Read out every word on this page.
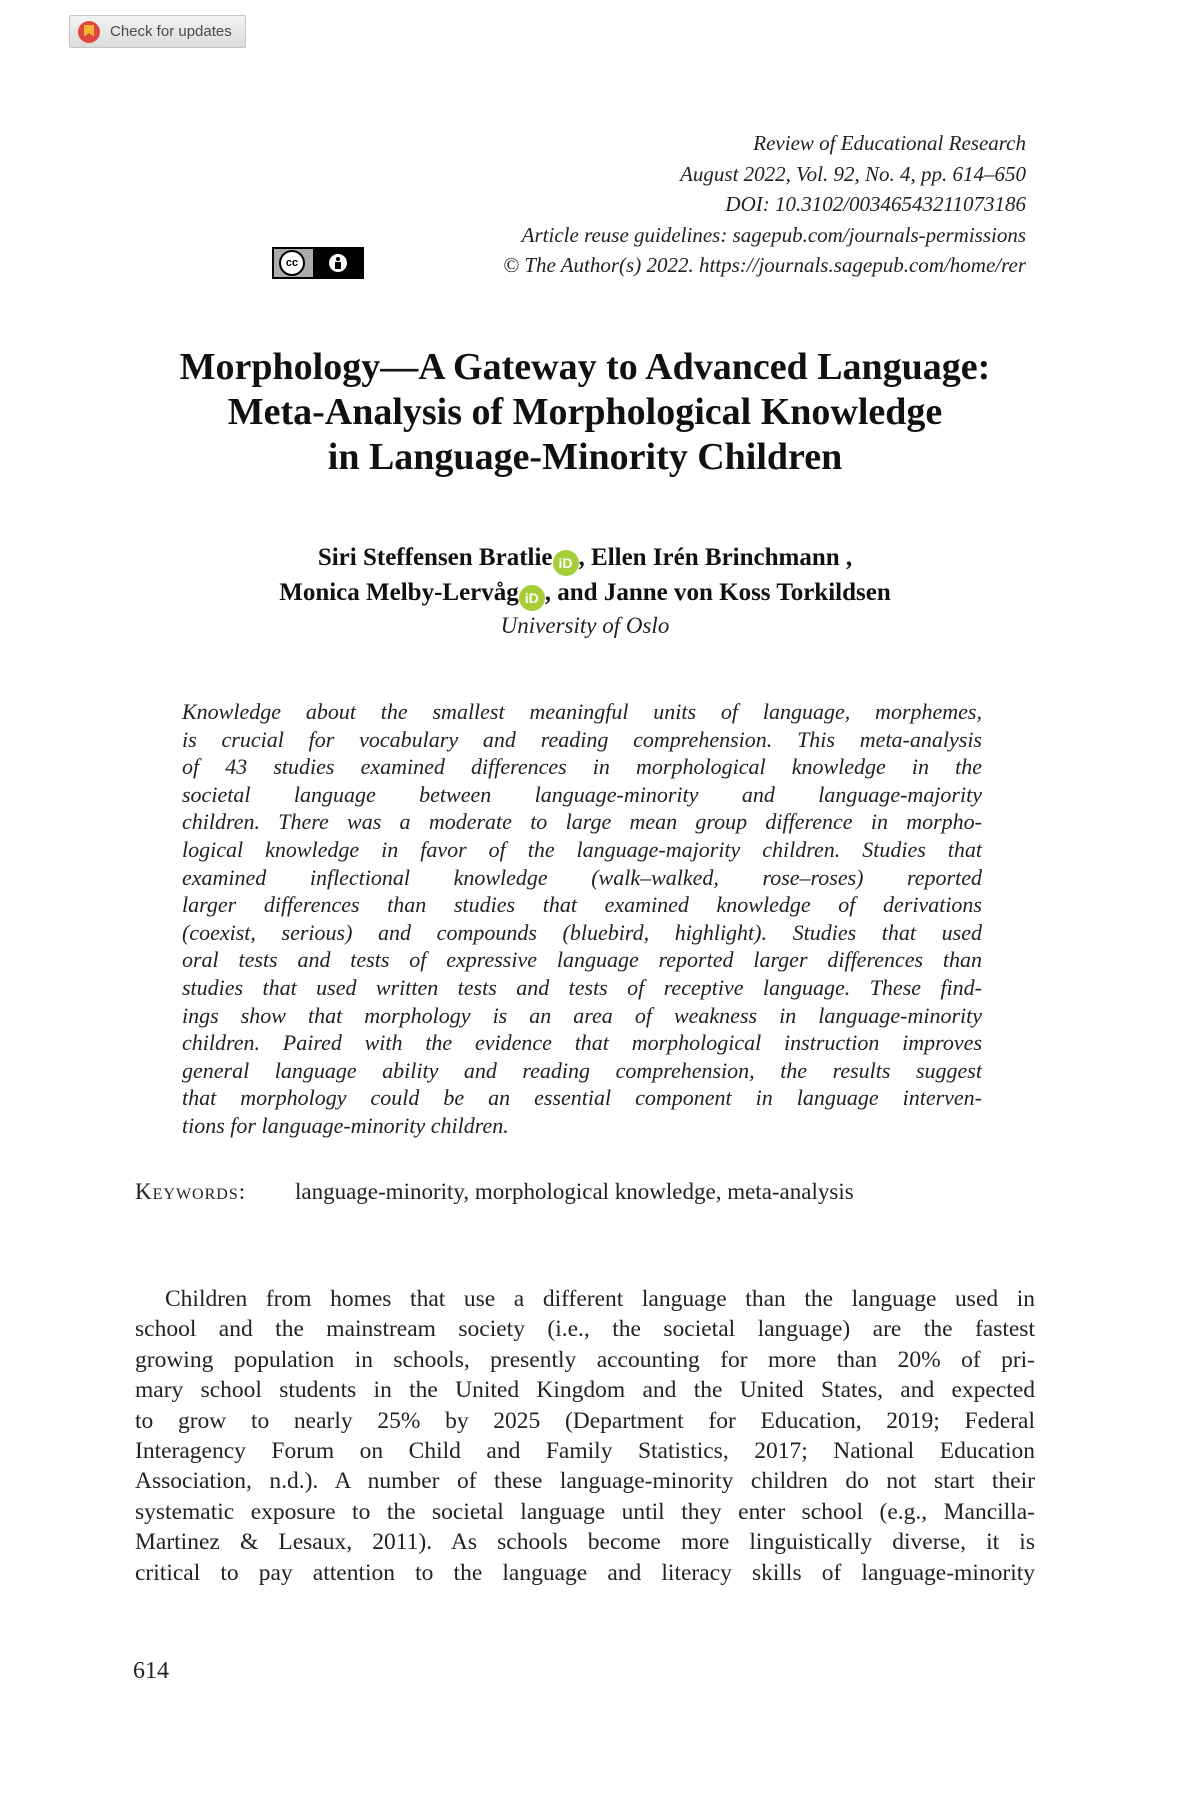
Check for updates
Review of Educational Research
August 2022, Vol. 92, No. 4, pp. 614–650
DOI: 10.3102/00346543211073186
Article reuse guidelines: sagepub.com/journals-permissions
© The Author(s) 2022. https://journals.sagepub.com/home/rer
cc
Morphology—A Gateway to Advanced Language:
Meta-Analysis of Morphological Knowledge
in Language-Minority Children
Siri Steffensen Bratlie iD , Ellen Irén Brinchmann ,
Monica Melby-Lervåg iD , and Janne von Koss Torkildsen
University of Oslo
Knowledge about the smallest meaningful units of language, morphemes,
is crucial for vocabulary and reading comprehension. This meta-analysis
of 43 studies examined differences in morphological knowledge in the
societal language between language-minority and language-majority
children. There was a moderate to large mean group difference in morpho-
logical knowledge in favor of the language-majority children. Studies that
examined inflectional knowledge (walk–walked, rose–roses) reported
larger differences than studies that examined knowledge of derivations
(coexist, serious) and compounds (bluebird, highlight). Studies that used
oral tests and tests of expressive language reported larger differences than
studies that used written tests and tests of receptive language. These find-
ings show that morphology is an area of weakness in language-minority
children. Paired with the evidence that morphological instruction improves
general language ability and reading comprehension, the results suggest
that morphology could be an essential component in language interven-
tions for language-minority children.
Keywords: language-minority, morphological knowledge, meta-analysis
Children from homes that use a different language than the language used in
school and the mainstream society (i.e., the societal language) are the fastest
growing population in schools, presently accounting for more than 20% of pri-
mary school students in the United Kingdom and the United States, and expected
to grow to nearly 25% by 2025 (Department for Education, 2019; Federal
Interagency Forum on Child and Family Statistics, 2017; National Education
Association, n.d.). A number of these language-minority children do not start their
systematic exposure to the societal language until they enter school (e.g., Mancilla-
Martinez & Lesaux, 2011). As schools become more linguistically diverse, it is
critical to pay attention to the language and literacy skills of language-minority
614
